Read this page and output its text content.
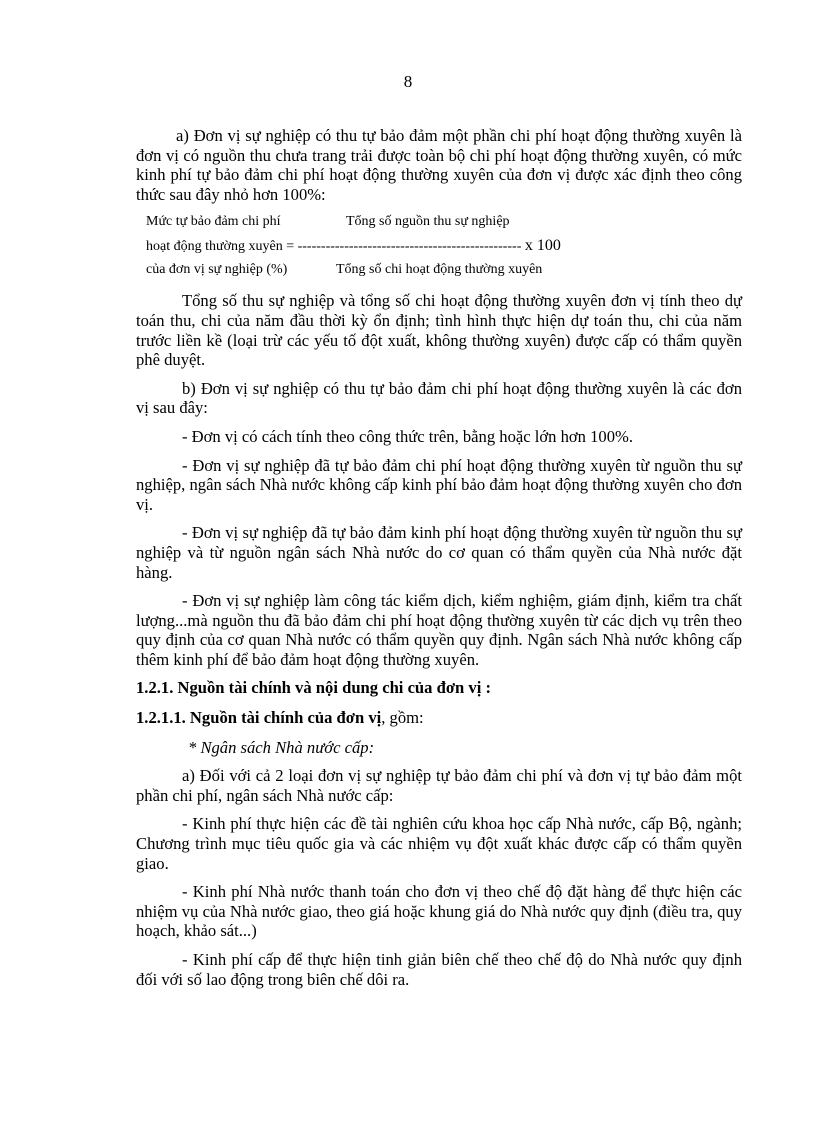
8

a) Đơn vị sự nghiệp có thu tự bảo đảm một phần chi phí hoạt động thường xuyên là đơn vị có nguồn thu chưa trang trải được toàn bộ chi phí hoạt động thường xuyên, có mức kinh phí tự bảo đảm chi phí hoạt động thường xuyên của đơn vị được xác định theo công thức sau đây nhỏ hơn 100%:

Mức tự bảo đảm chi phí	Tổng số nguồn thu sự nghiệp
hoạt động thường xuyên = ------------------------------------------------ x 100
của đơn vị sự nghiệp (%)	Tổng số chi hoạt động thường xuyên

Tổng số thu sự nghiệp và tổng số chi hoạt động thường xuyên đơn vị tính theo dự toán thu, chi của năm đầu thời kỳ ổn định; tình hình thực hiện dự toán thu, chi của năm trước liền kề (loại trừ các yếu tố đột xuất, không thường xuyên) được cấp có thẩm quyền phê duyệt.

b) Đơn vị sự nghiệp có thu tự bảo đảm chi phí hoạt động thường xuyên là các đơn vị sau đây:

- Đơn vị có cách tính theo công thức trên, bằng hoặc lớn hơn 100%.

- Đơn vị sự nghiệp đã tự bảo đảm chi phí hoạt động thường xuyên từ nguồn thu sự nghiệp, ngân sách Nhà nước không cấp kinh phí bảo đảm hoạt động thường xuyên cho đơn vị.

- Đơn vị sự nghiệp đã tự bảo đảm kinh phí hoạt động thường xuyên từ nguồn thu sự nghiệp và từ nguồn ngân sách Nhà nước do cơ quan có thẩm quyền của Nhà nước đặt hàng.

- Đơn vị sự nghiệp làm công tác kiểm dịch, kiểm nghiệm, giám định, kiểm tra chất lượng...mà nguồn thu đã bảo đảm chi phí hoạt động thường xuyên từ các dịch vụ trên theo quy định của cơ quan Nhà nước có thẩm quyền quy định. Ngân sách Nhà nước không cấp thêm kinh phí để bảo đảm hoạt động thường xuyên.

1.2.1. Nguồn tài chính và nội dung chi của đơn vị :
1.2.1.1. Nguồn tài chính của đơn vị, gồm:

* Ngân sách Nhà nước cấp:

a) Đối với cả 2 loại đơn vị sự nghiệp tự bảo đảm chi phí và đơn vị tự bảo đảm một phần chi phí, ngân sách Nhà nước cấp:

- Kinh phí thực hiện các đề tài nghiên cứu khoa học cấp Nhà nước, cấp Bộ, ngành; Chương trình mục tiêu quốc gia và các nhiệm vụ đột xuất khác được cấp có thẩm quyền giao.

- Kinh phí Nhà nước thanh toán cho đơn vị theo chế độ đặt hàng để thực hiện các nhiệm vụ của Nhà nước giao, theo giá hoặc khung giá do Nhà nước quy định (điều tra, quy hoạch, khảo sát...)

- Kinh phí cấp để thực hiện tinh giản biên chế theo chế độ do Nhà nước quy định đối với số lao động trong biên chế dôi ra.
